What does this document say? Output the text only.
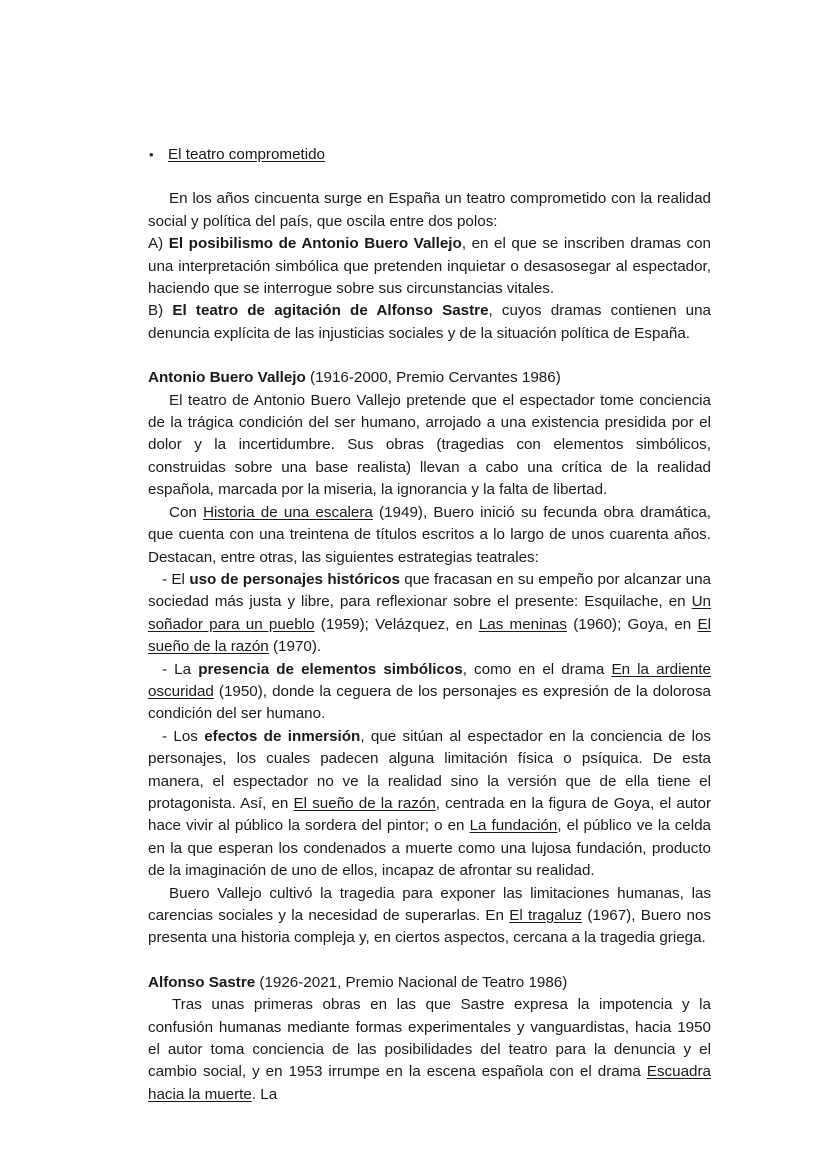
• El teatro comprometido

En los años cincuenta surge en España un teatro comprometido con la realidad social y política del país, que oscila entre dos polos:

A) El posibilismo de Antonio Buero Vallejo, en el que se inscriben dramas con una interpretación simbólica que pretenden inquietar o desasosegar al espectador, haciendo que se interrogue sobre sus circunstancias vitales.

B) El teatro de agitación de Alfonso Sastre, cuyos dramas contienen una denuncia explícita de las injusticias sociales y de la situación política de España.

Antonio Buero Vallejo (1916-2000, Premio Cervantes 1986)

El teatro de Antonio Buero Vallejo pretende que el espectador tome conciencia de la trágica condición del ser humano, arrojado a una existencia presidida por el dolor y la incertidumbre. Sus obras (tragedias con elementos simbólicos, construidas sobre una base realista) llevan a cabo una crítica de la realidad española, marcada por la miseria, la ignorancia y la falta de libertad.

Con Historia de una escalera (1949), Buero inició su fecunda obra dramática, que cuenta con una treintena de títulos escritos a lo largo de unos cuarenta años. Destacan, entre otras, las siguientes estrategias teatrales:

- El uso de personajes históricos que fracasan en su empeño por alcanzar una sociedad más justa y libre, para reflexionar sobre el presente: Esquilache, en Un soñador para un pueblo (1959); Velázquez, en Las meninas (1960); Goya, en El sueño de la razón (1970).

- La presencia de elementos simbólicos, como en el drama En la ardiente oscuridad (1950), donde la ceguera de los personajes es expresión de la dolorosa condición del ser humano.

- Los efectos de inmersión, que sitúan al espectador en la conciencia de los personajes, los cuales padecen alguna limitación física o psíquica. De esta manera, el espectador no ve la realidad sino la versión que de ella tiene el protagonista. Así, en El sueño de la razón, centrada en la figura de Goya, el autor hace vivir al público la sordera del pintor; o en La fundación, el público ve la celda en la que esperan los condenados a muerte como una lujosa fundación, producto de la imaginación de uno de ellos, incapaz de afrontar su realidad.

Buero Vallejo cultivó la tragedia para exponer las limitaciones humanas, las carencias sociales y la necesidad de superarlas. En El tragaluz (1967), Buero nos presenta una historia compleja y, en ciertos aspectos, cercana a la tragedia griega.

Alfonso Sastre (1926-2021, Premio Nacional de Teatro 1986)

Tras unas primeras obras en las que Sastre expresa la impotencia y la confusión humanas mediante formas experimentales y vanguardistas, hacia 1950 el autor toma conciencia de las posibilidades del teatro para la denuncia y el cambio social, y en 1953 irrumpe en la escena española con el drama Escuadra hacia la muerte. La
